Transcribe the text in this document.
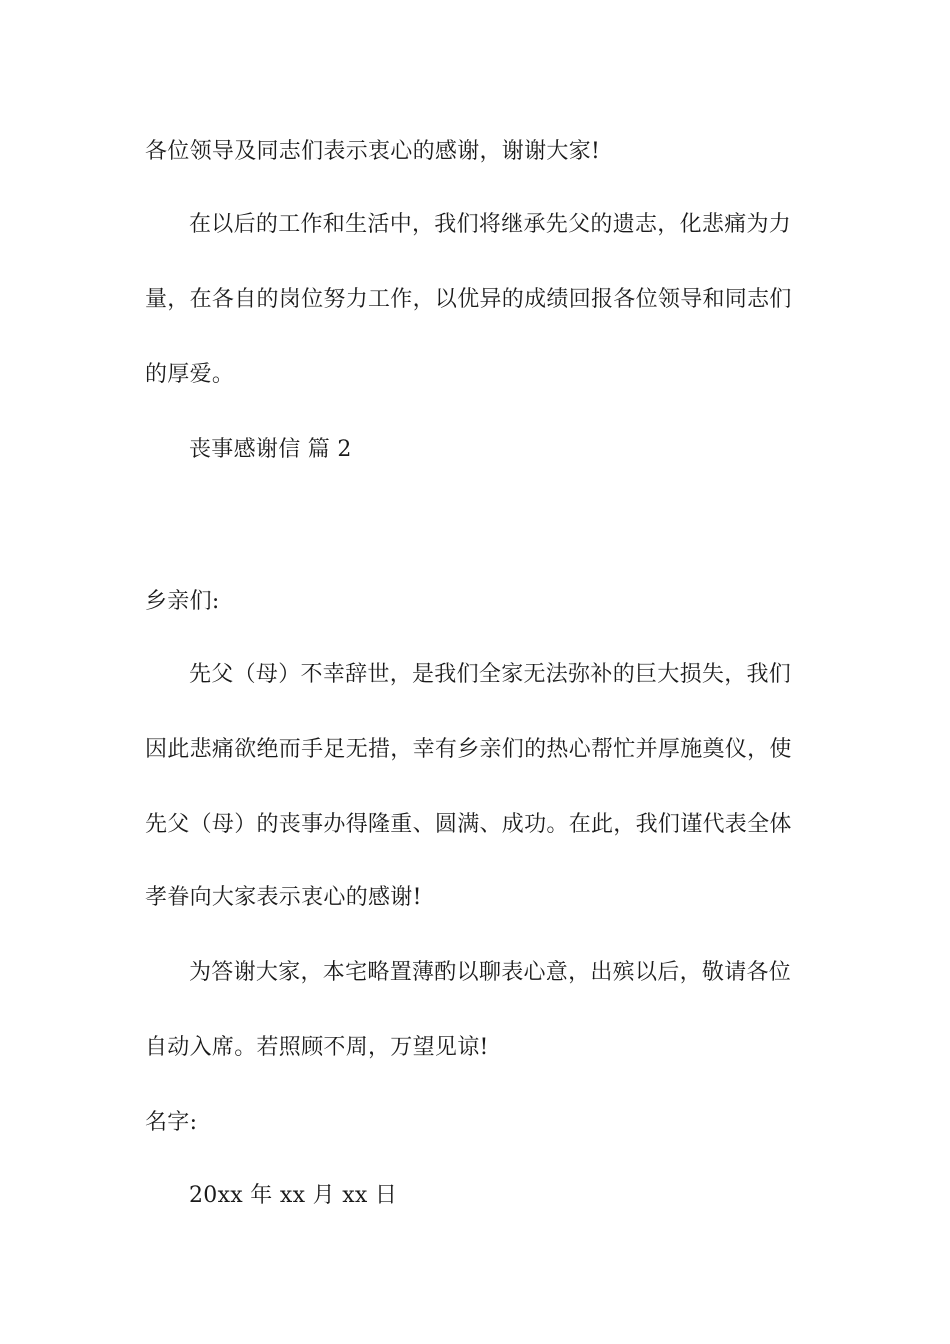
各位领导及同志们表示衷心的感谢，谢谢大家!
在以后的工作和生活中，我们将继承先父的遗志，化悲痛为力
量，在各自的岗位努力工作，以优异的成绩回报各位领导和同志们
的厚爱。
丧事感谢信 篇 2
乡亲们:
先父（母）不幸辞世，是我们全家无法弥补的巨大损失，我们
因此悲痛欲绝而手足无措，幸有乡亲们的热心帮忙并厚施奠仪，使
先父（母）的丧事办得隆重、圆满、成功。在此，我们谨代表全体
孝眷向大家表示衷心的感谢!
为答谢大家，本宅略置薄酌以聊表心意，出殡以后，敬请各位
自动入席。若照顾不周，万望见谅!
名字:
20xx 年 xx 月 xx 日
